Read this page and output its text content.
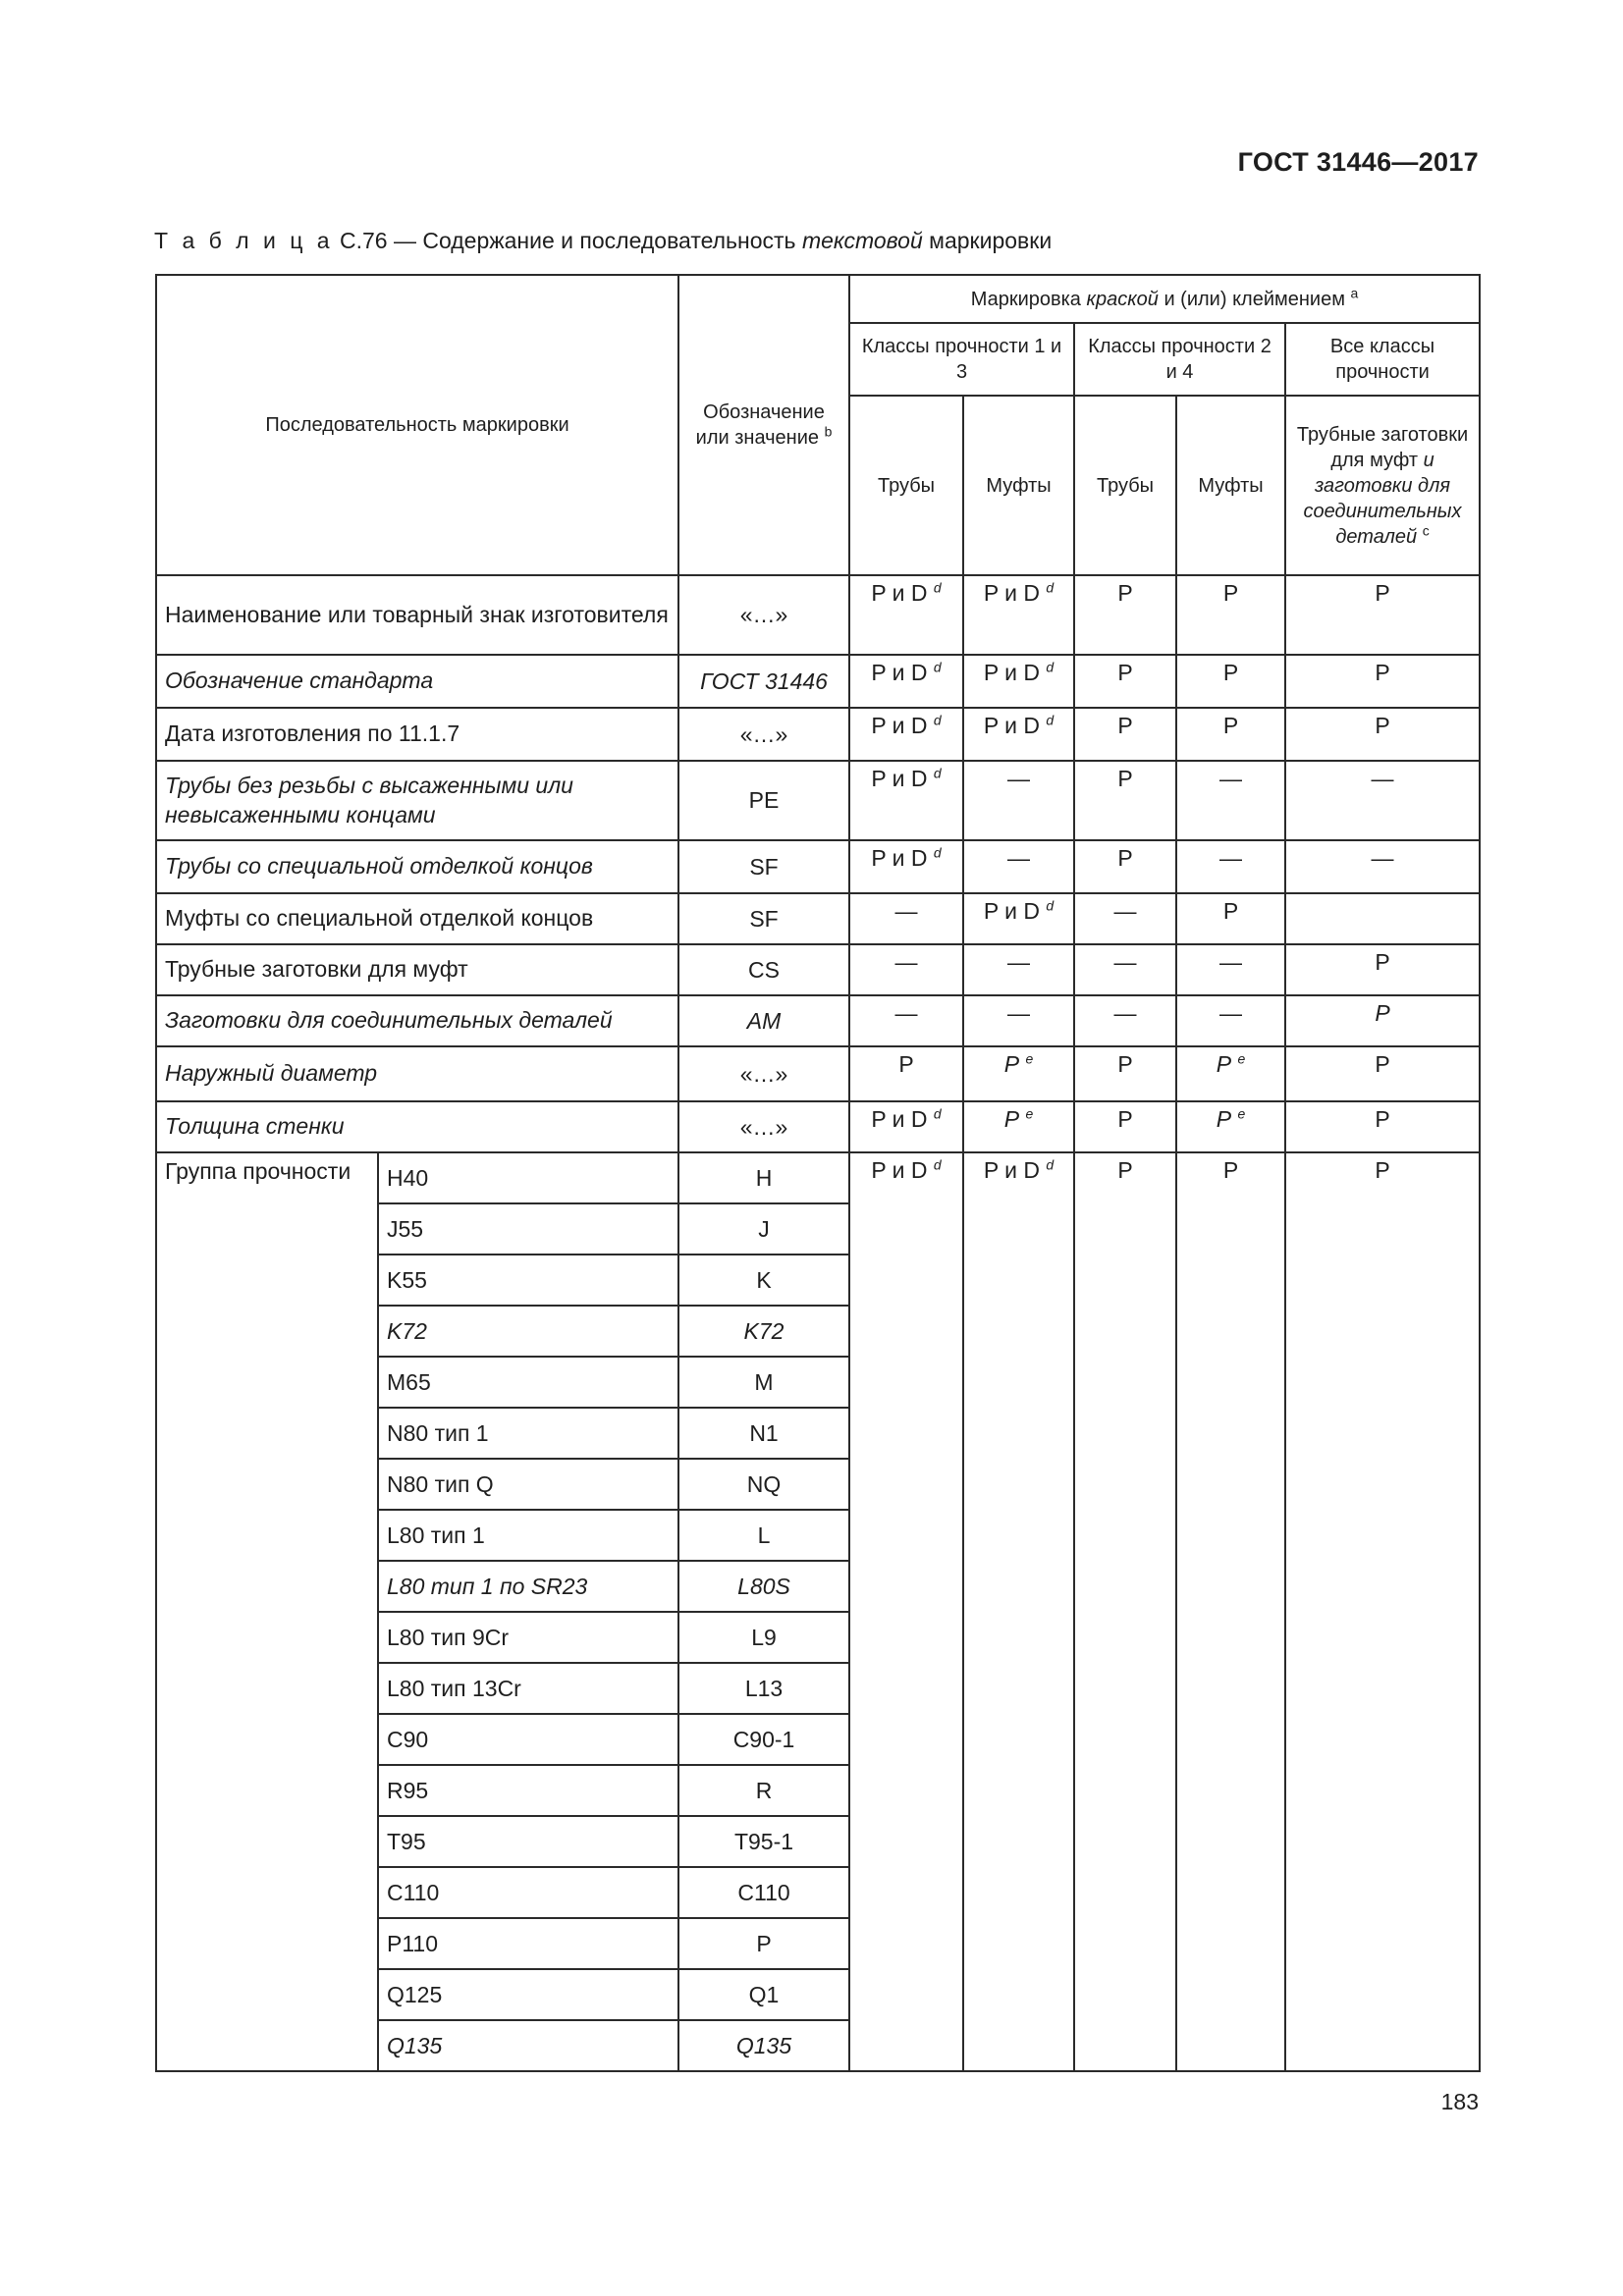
ГОСТ 31446—2017
Т а б л и ц а С.76 — Содержание и последовательность текстовой маркировки
Последовательность маркировки		Обозначение или значение $^b$	Маркировка краской и (или) клеймением $^a$
			Классы прочности 1 и 3		Классы прочности 2 и 4		Все классы прочности
			Трубы	Муфты	Трубы	Муфты	Трубные заготовки для муфт и заготовки для соединительных деталей $^c$
Наименование или товарный знак изготовителя		«…»	P и D $^d$	P и D $^d$	P	P	P
Обозначение стандарта		ГОСТ 31446	P и D $^d$	P и D $^d$	P	P	P
Дата изготовления по 11.1.7		«…»	P и D $^d$	P и D $^d$	P	P	P
Трубы без резьбы с высаженными или невысаженными концами		PE	P и D $^d$	—	P	—	—
Трубы со специальной отделкой концов		SF	P и D $^d$	—	P	—	—
Муфты со специальной отделкой концов		SF	—	P и D $^d$	—	P	
Трубные заготовки для муфт		CS	—	—	—	—	P
Заготовки для соединительных деталей		AM	—	—	—	—	P
Наружный диаметр		«…»	P	P $^e$	P	P $^e$	P
Толщина стенки		«…»	P и D $^d$	P $^e$	P	P $^e$	P
Группа прочности	H40	H	P и D $^d$	P и D $^d$	P	P	P
	J55	J					
	K55	K					
	K72	K72					
	M65	M					
	N80 тип 1	N1					
	N80 тип Q	NQ					
	L80 тип 1	L					
	L80 тип 1 по SR23	L80S					
	L80 тип 9Cr	L9					
	L80 тип 13Cr	L13					
	C90	C90-1					
	R95	R					
	T95	T95-1					
	C110	C110					
	P110	P					
	Q125	Q1					
	Q135	Q135					
183
